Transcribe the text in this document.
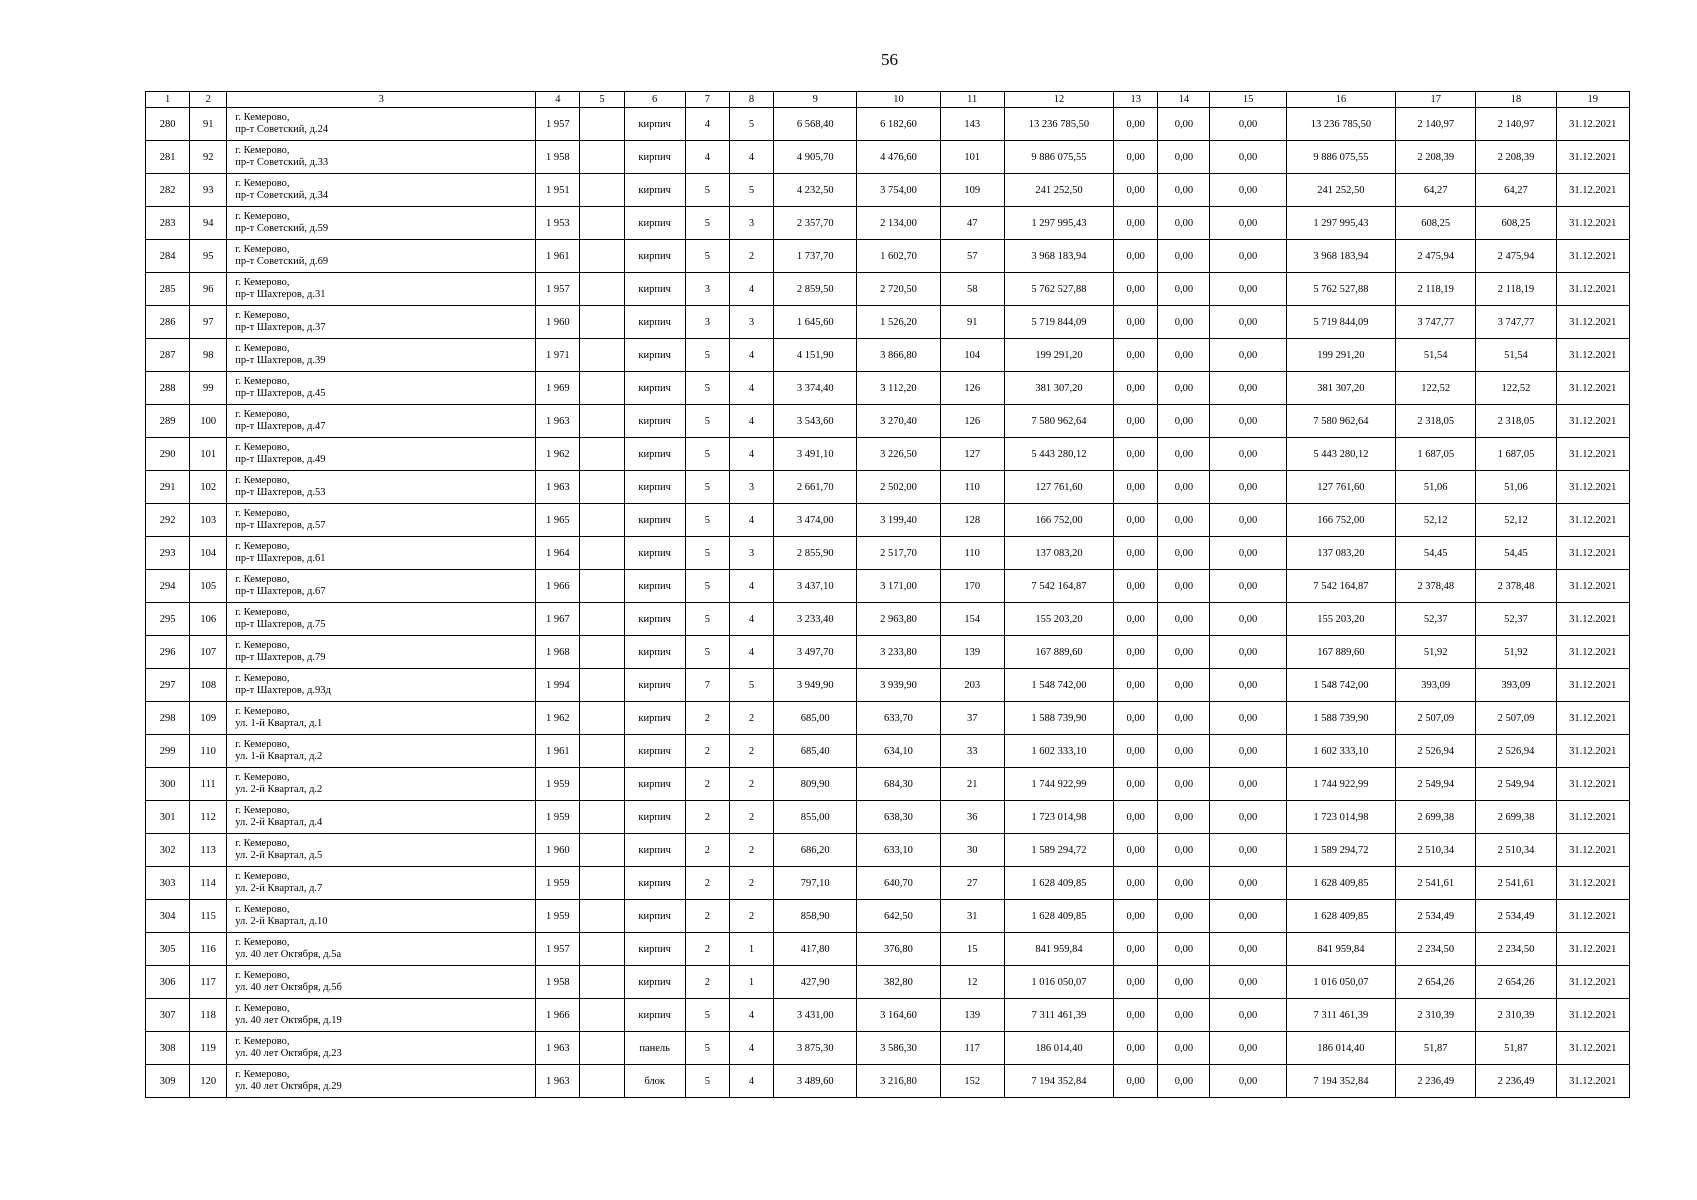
56
1	2	3	4	5	6	7	8	9	10	11	12	13	14	15	16	17	18	19
280	91	г. Кемерово,
пр-т Советский, д.24	1 957		кирпич	4	5	6 568,40	6 182,60	143	13 236 785,50	0,00	0,00	0,00	13 236 785,50	2 140,97	2 140,97	31.12.2021
281	92	г. Кемерово,
пр-т Советский, д.33	1 958		кирпич	4	4	4 905,70	4 476,60	101	9 886 075,55	0,00	0,00	0,00	9 886 075,55	2 208,39	2 208,39	31.12.2021
282	93	г. Кемерово,
пр-т Советский, д.34	1 951		кирпич	5	5	4 232,50	3 754,00	109	241 252,50	0,00	0,00	0,00	241 252,50	64,27	64,27	31.12.2021
283	94	г. Кемерово,
пр-т Советский, д.59	1 953		кирпич	5	3	2 357,70	2 134,00	47	1 297 995,43	0,00	0,00	0,00	1 297 995,43	608,25	608,25	31.12.2021
284	95	г. Кемерово,
пр-т Советский, д.69	1 961		кирпич	5	2	1 737,70	1 602,70	57	3 968 183,94	0,00	0,00	0,00	3 968 183,94	2 475,94	2 475,94	31.12.2021
285	96	г. Кемерово,
пр-т Шахтеров, д.31	1 957		кирпич	3	4	2 859,50	2 720,50	58	5 762 527,88	0,00	0,00	0,00	5 762 527,88	2 118,19	2 118,19	31.12.2021
286	97	г. Кемерово,
пр-т Шахтеров, д.37	1 960		кирпич	3	3	1 645,60	1 526,20	91	5 719 844,09	0,00	0,00	0,00	5 719 844,09	3 747,77	3 747,77	31.12.2021
287	98	г. Кемерово,
пр-т Шахтеров, д.39	1 971		кирпич	5	4	4 151,90	3 866,80	104	199 291,20	0,00	0,00	0,00	199 291,20	51,54	51,54	31.12.2021
288	99	г. Кемерово,
пр-т Шахтеров, д.45	1 969		кирпич	5	4	3 374,40	3 112,20	126	381 307,20	0,00	0,00	0,00	381 307,20	122,52	122,52	31.12.2021
289	100	г. Кемерово,
пр-т Шахтеров, д.47	1 963		кирпич	5	4	3 543,60	3 270,40	126	7 580 962,64	0,00	0,00	0,00	7 580 962,64	2 318,05	2 318,05	31.12.2021
290	101	г. Кемерово,
пр-т Шахтеров, д.49	1 962		кирпич	5	4	3 491,10	3 226,50	127	5 443 280,12	0,00	0,00	0,00	5 443 280,12	1 687,05	1 687,05	31.12.2021
291	102	г. Кемерово,
пр-т Шахтеров, д.53	1 963		кирпич	5	3	2 661,70	2 502,00	110	127 761,60	0,00	0,00	0,00	127 761,60	51,06	51,06	31.12.2021
292	103	г. Кемерово,
пр-т Шахтеров, д.57	1 965		кирпич	5	4	3 474,00	3 199,40	128	166 752,00	0,00	0,00	0,00	166 752,00	52,12	52,12	31.12.2021
293	104	г. Кемерово,
пр-т Шахтеров, д.61	1 964		кирпич	5	3	2 855,90	2 517,70	110	137 083,20	0,00	0,00	0,00	137 083,20	54,45	54,45	31.12.2021
294	105	г. Кемерово,
пр-т Шахтеров, д.67	1 966		кирпич	5	4	3 437,10	3 171,00	170	7 542 164,87	0,00	0,00	0,00	7 542 164,87	2 378,48	2 378,48	31.12.2021
295	106	г. Кемерово,
пр-т Шахтеров, д.75	1 967		кирпич	5	4	3 233,40	2 963,80	154	155 203,20	0,00	0,00	0,00	155 203,20	52,37	52,37	31.12.2021
296	107	г. Кемерово,
пр-т Шахтеров, д.79	1 968		кирпич	5	4	3 497,70	3 233,80	139	167 889,60	0,00	0,00	0,00	167 889,60	51,92	51,92	31.12.2021
297	108	г. Кемерово,
пр-т Шахтеров, д.93д	1 994		кирпич	7	5	3 949,90	3 939,90	203	1 548 742,00	0,00	0,00	0,00	1 548 742,00	393,09	393,09	31.12.2021
298	109	г. Кемерово,
ул. 1-й Квартал, д.1	1 962		кирпич	2	2	685,00	633,70	37	1 588 739,90	0,00	0,00	0,00	1 588 739,90	2 507,09	2 507,09	31.12.2021
299	110	г. Кемерово,
ул. 1-й Квартал, д.2	1 961		кирпич	2	2	685,40	634,10	33	1 602 333,10	0,00	0,00	0,00	1 602 333,10	2 526,94	2 526,94	31.12.2021
300	111	г. Кемерово,
ул. 2-й Квартал, д.2	1 959		кирпич	2	2	809,90	684,30	21	1 744 922,99	0,00	0,00	0,00	1 744 922,99	2 549,94	2 549,94	31.12.2021
301	112	г. Кемерово,
ул. 2-й Квартал, д.4	1 959		кирпич	2	2	855,00	638,30	36	1 723 014,98	0,00	0,00	0,00	1 723 014,98	2 699,38	2 699,38	31.12.2021
302	113	г. Кемерово,
ул. 2-й Квартал, д.5	1 960		кирпич	2	2	686,20	633,10	30	1 589 294,72	0,00	0,00	0,00	1 589 294,72	2 510,34	2 510,34	31.12.2021
303	114	г. Кемерово,
ул. 2-й Квартал, д.7	1 959		кирпич	2	2	797,10	640,70	27	1 628 409,85	0,00	0,00	0,00	1 628 409,85	2 541,61	2 541,61	31.12.2021
304	115	г. Кемерово,
ул. 2-й Квартал, д.10	1 959		кирпич	2	2	858,90	642,50	31	1 628 409,85	0,00	0,00	0,00	1 628 409,85	2 534,49	2 534,49	31.12.2021
305	116	г. Кемерово,
ул. 40 лет Октября, д.5а	1 957		кирпич	2	1	417,80	376,80	15	841 959,84	0,00	0,00	0,00	841 959,84	2 234,50	2 234,50	31.12.2021
306	117	г. Кемерово,
ул. 40 лет Октября, д.5б	1 958		кирпич	2	1	427,90	382,80	12	1 016 050,07	0,00	0,00	0,00	1 016 050,07	2 654,26	2 654,26	31.12.2021
307	118	г. Кемерово,
ул. 40 лет Октября, д.19	1 966		кирпич	5	4	3 431,00	3 164,60	139	7 311 461,39	0,00	0,00	0,00	7 311 461,39	2 310,39	2 310,39	31.12.2021
308	119	г. Кемерово,
ул. 40 лет Октября, д.23	1 963		панель	5	4	3 875,30	3 586,30	117	186 014,40	0,00	0,00	0,00	186 014,40	51,87	51,87	31.12.2021
309	120	г. Кемерово,
ул. 40 лет Октября, д.29	1 963		блок	5	4	3 489,60	3 216,80	152	7 194 352,84	0,00	0,00	0,00	7 194 352,84	2 236,49	2 236,49	31.12.2021
